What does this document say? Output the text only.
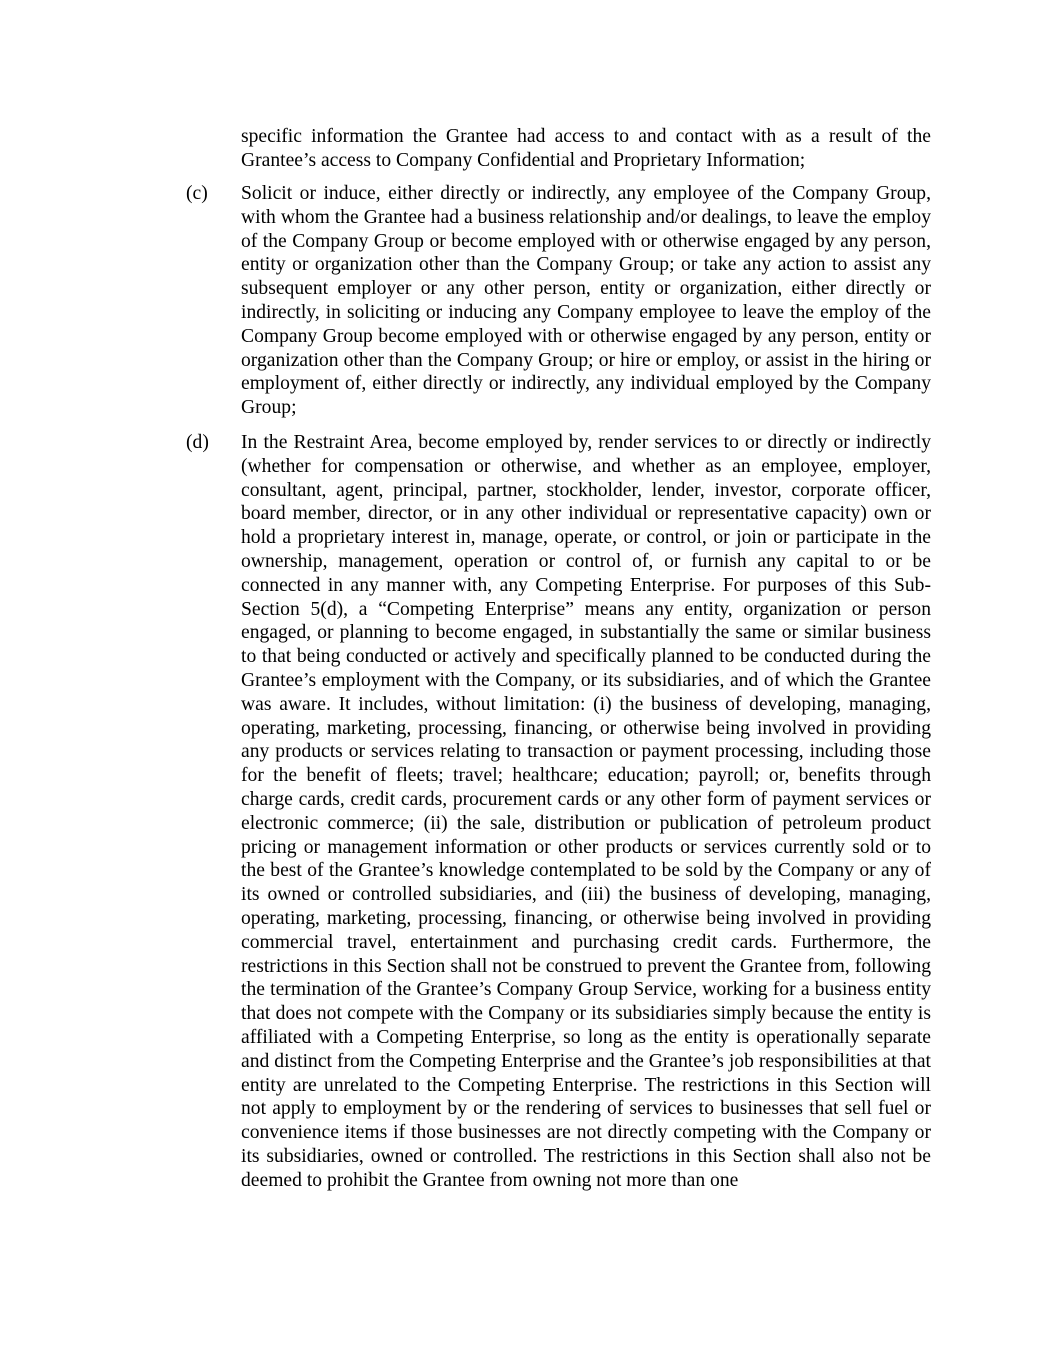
specific information the Grantee had access to and contact with as a result of the Grantee’s access to Company Confidential and Proprietary Information;

(c) Solicit or induce, either directly or indirectly, any employee of the Company Group, with whom the Grantee had a business relationship and/or dealings, to leave the employ of the Company Group or become employed with or otherwise engaged by any person, entity or organization other than the Company Group; or take any action to assist any subsequent employer or any other person, entity or organization, either directly or indirectly, in soliciting or inducing any Company employee to leave the employ of the Company Group become employed with or otherwise engaged by any person, entity or organization other than the Company Group; or hire or employ, or assist in the hiring or employment of, either directly or indirectly, any individual employed by the Company Group;

(d) In the Restraint Area, become employed by, render services to or directly or indirectly (whether for compensation or otherwise, and whether as an employee, employer, consultant, agent, principal, partner, stockholder, lender, investor, corporate officer, board member, director, or in any other individual or representative capacity) own or hold a proprietary interest in, manage, operate, or control, or join or participate in the ownership, management, operation or control of, or furnish any capital to or be connected in any manner with, any Competing Enterprise. For purposes of this Sub-Section 5(d), a “Competing Enterprise” means any entity, organization or person engaged, or planning to become engaged, in substantially the same or similar business to that being conducted or actively and specifically planned to be conducted during the Grantee’s employment with the Company, or its subsidiaries, and of which the Grantee was aware. It includes, without limitation: (i) the business of developing, managing, operating, marketing, processing, financing, or otherwise being involved in providing any products or services relating to transaction or payment processing, including those for the benefit of fleets; travel; healthcare; education; payroll; or, benefits through charge cards, credit cards, procurement cards or any other form of payment services or electronic commerce; (ii) the sale, distribution or publication of petroleum product pricing or management information or other products or services currently sold or to the best of the Grantee’s knowledge contemplated to be sold by the Company or any of its owned or controlled subsidiaries, and (iii) the business of developing, managing, operating, marketing, processing, financing, or otherwise being involved in providing commercial travel, entertainment and purchasing credit cards. Furthermore, the restrictions in this Section shall not be construed to prevent the Grantee from, following the termination of the Grantee’s Company Group Service, working for a business entity that does not compete with the Company or its subsidiaries simply because the entity is affiliated with a Competing Enterprise, so long as the entity is operationally separate and distinct from the Competing Enterprise and the Grantee’s job responsibilities at that entity are unrelated to the Competing Enterprise. The restrictions in this Section will not apply to employment by or the rendering of services to businesses that sell fuel or convenience items if those businesses are not directly competing with the Company or its subsidiaries, owned or controlled. The restrictions in this Section shall also not be deemed to prohibit the Grantee from owning not more than one
